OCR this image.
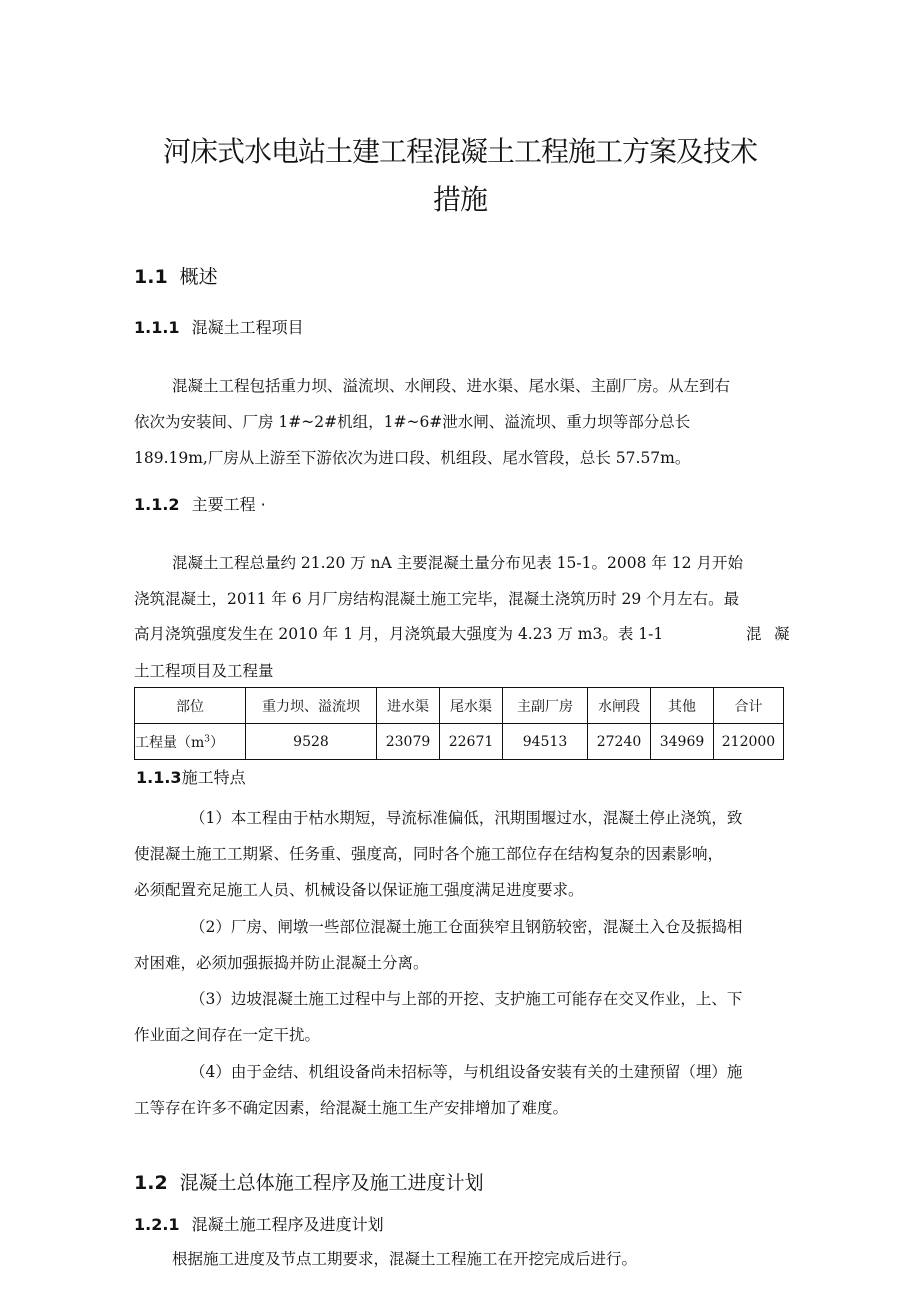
河床式水电站土建工程混凝土工程施工方案及技术
措施
1.1 概述
1.1.1 混凝土工程项目
混凝土工程包括重力坝、溢流坝、水闸段、进水渠、尾水渠、主副厂房。从左到右
依次为安装间、厂房 1#~2#机组，1#~6#泄水闸、溢流坝、重力坝等部分总长
189.19m,厂房从上游至下游依次为进口段、机组段、尾水管段，总长 57.57m。
1.1.2 主要工程 ·
混凝土工程总量约 21.20 万 nA 主要混凝土量分布见表 15-1。2008 年 12 月开始
浇筑混凝土，2011 年 6 月厂房结构混凝土施工完毕，混凝土浇筑历时 29 个月左右。最
高月浇筑强度发生在 2010 年 1 月，月浇筑最大强度为 4.23 万 m3。表 1-1	混 凝
土工程项目及工程量
部位	重力坝、溢流坝	进水渠	尾水渠	主副厂房	水闸段	其他	合计
工程量$(m^3)$	9528	23079	22671	94513	27240	34969	212000
1.1.3施工特点
（1）本工程由于枯水期短，导流标准偏低，汛期围堰过水，混凝土停止浇筑，致
使混凝土施工工期紧、任务重、强度高，同时各个施工部位存在结构复杂的因素影响，
必须配置充足施工人员、机械设备以保证施工强度满足进度要求。
（2）厂房、闸墩一些部位混凝土施工仓面狭窄且钢筋较密，混凝土入仓及振捣相
对困难，必须加强振捣并防止混凝土分离。
（3）边坡混凝土施工过程中与上部的开挖、支护施工可能存在交叉作业，上、下
作业面之间存在一定干扰。
（4）由于金结、机组设备尚未招标等，与机组设备安装有关的土建预留（埋）施
工等存在许多不确定因素，给混凝土施工生产安排增加了难度。
1.2 混凝土总体施工程序及施工进度计划
1.2.1 混凝土施工程序及进度计划
根据施工进度及节点工期要求，混凝土工程施工在开挖完成后进行。
